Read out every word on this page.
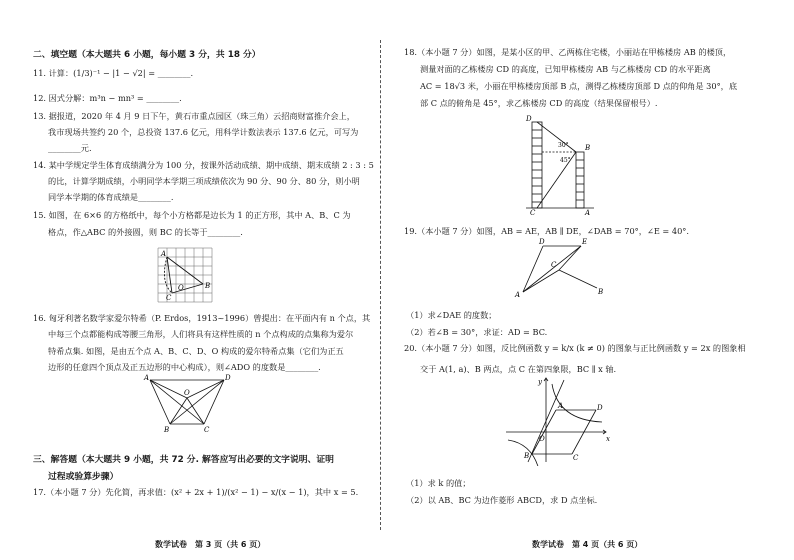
二、填空题（本大题共 6 小题，每小题 3 分，共 18 分）
11. 计算：(1/3)⁻¹ − |1 − √2| = ________.
12. 因式分解：m³n − mn³ = ________.
13. 据报道，2020 年 4 月 9 日下午，黄石市重点园区（珠三角）云招商财富推介会上，
我市现场共签约 20 个，总投资 137.6 亿元，用科学计数法表示 137.6 亿元，可写为
________元.
14. 某中学规定学生体育成绩满分为 100 分，按课外活动成绩、期中成绩、期末成绩 2 : 3 : 5
的比，计算学期成绩，小明同学本学期三项成绩依次为 90 分、90 分、80 分，则小明
同学本学期的体育成绩是________.
15. 如图，在 6×6 的方格纸中，每个小方格都是边长为 1 的正方形，其中 A、B、C 为
格点，作△ABC 的外接圆，则 BC 的长等于________.
A
B
C
O
16. 匈牙利著名数学家爱尔特希（P. Erdos，1913~1996）曾提出：在平面内有 n 个点，其
中每三个点都能构成等腰三角形，人们将具有这样性质的 n 个点构成的点集称为爱尔
特希点集. 如图，是由五个点 A、B、C、D、O 构成的爱尔特希点集（它们为正五
边形的任意四个顶点及正五边形的中心构成），则∠ADO 的度数是________.
A	D
B	C
O
三、解答题（本大题共 9 小题，共 72 分. 解答应写出必要的文字说明、证明
过程或验算步骤）
17.（本小题 7 分）先化简，再求值：(x² + 2x + 1)/(x² − 1) − x/(x − 1)，其中 x = 5.
数学试卷　第 3 页（共 6 页）
18.（本小题 7 分）如图，是某小区的甲、乙两栋住宅楼，小丽站在甲栋楼房 AB 的楼顶，
测量对面的乙栋楼房 CD 的高度，已知甲栋楼房 AB 与乙栋楼房 CD 的水平距离
AC = 18√3 米，小丽在甲栋楼房顶部 B 点，测得乙栋楼房顶部 D 点的仰角是 30°，底
部 C 点的俯角是 45°，求乙栋楼房 CD 的高度（结果保留根号）.
D
B
A
C
30°
45°
19.（本小题 7 分）如图，AB = AE，AB ∥ DE，∠DAB = 70°，∠E = 40°.
D	E
A	B
C
（1）求∠DAE 的度数；
（2）若∠B = 30°，求证：AD = BC.
20.（本小题 7 分）如图，反比例函数 y = k/x (k ≠ 0) 的图象与正比例函数 y = 2x 的图象相
交于 A(1, a)、B 两点，点 C 在第四象限，BC ∥ x 轴.
y
x
A
B	C
D
O
（1）求 k 的值；
（2）以 AB、BC 为边作菱形 ABCD，求 D 点坐标.
数学试卷　第 4 页（共 6 页）
